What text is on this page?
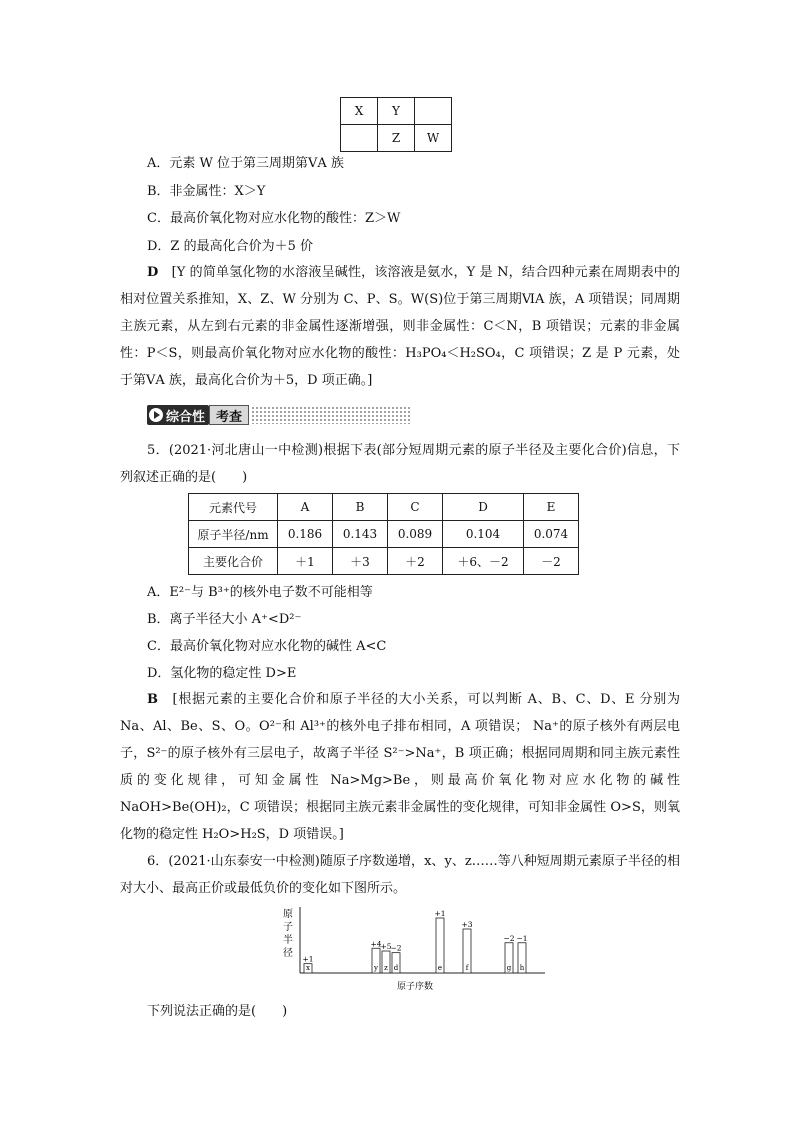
X	Y	
	Z	W
A．元素 W 位于第三周期第ⅤA 族
B．非金属性：X＞Y
C．最高价氧化物对应水化物的酸性：Z＞W
D．Z 的最高化合价为＋5 价
D　 [Y 的简单氢化物的水溶液呈碱性，该溶液是氨水，Y 是 N，结合四种元素在周期表中的相对位置关系推知，X、Z、W 分别为 C、P、S。W(S)位于第三周期ⅥA 族，A 项错误；同周期主族元素，从左到右元素的非金属性逐渐增强，则非金属性：C＜N，B 项错误；元素的非金属性：P＜S，则最高价氧化物对应水化物的酸性：H₃PO₄＜H₂SO₄，C 项错误；Z 是 P 元素，处于第ⅤA 族，最高化合价为＋5，D 项正确。]
综合性 考查
5．(2021·河北唐山一中检测)根据下表(部分短周期元素的原子半径及主要化合价)信息，下列叙述正确的是(　　)
元素代号	A	B	C	D	E
原子半径/nm	0.186	0.143	0.089	0.104	0.074
主要化合价	＋1	＋3	＋2	＋6、－2	－2
A．E²⁻与 B³⁺的核外电子数不可能相等
B．离子半径大小 A⁺<D²⁻
C．最高价氧化物对应水化物的碱性 A<C
D．氢化物的稳定性 D>E
B　 [根据元素的主要化合价和原子半径的大小关系，可以判断 A、B、C、D、E 分别为 Na、Al、Be、S、O。O²⁻和 Al³⁺的核外电子排布相同，A 项错误； Na⁺的原子核外有两层电子，S²⁻的原子核外有三层电子，故离子半径 S²⁻>Na⁺，B 项正确；根据同周期和同主族元素性质的变化规律，可知金属性 Na>Mg>Be，则最高价氧化物对应水化物的碱性 NaOH>Be(OH)₂，C 项错误；根据同主族元素非金属性的变化规律，可知非金属性 O>S，则氧化物的稳定性 H₂O>H₂S，D 项错误。]
6．(2021·山东泰安一中检测)随原子序数递增，x、y、z……等八种短周期元素原子半径的相对大小、最高正价或最低负价的变化如下图所示。
原
子
半
径
x
+1
y
+4
z
+5
d
−2
e
+1
f
+3
g
−2
h
−1
原子序数
下列说法正确的是(　　)
